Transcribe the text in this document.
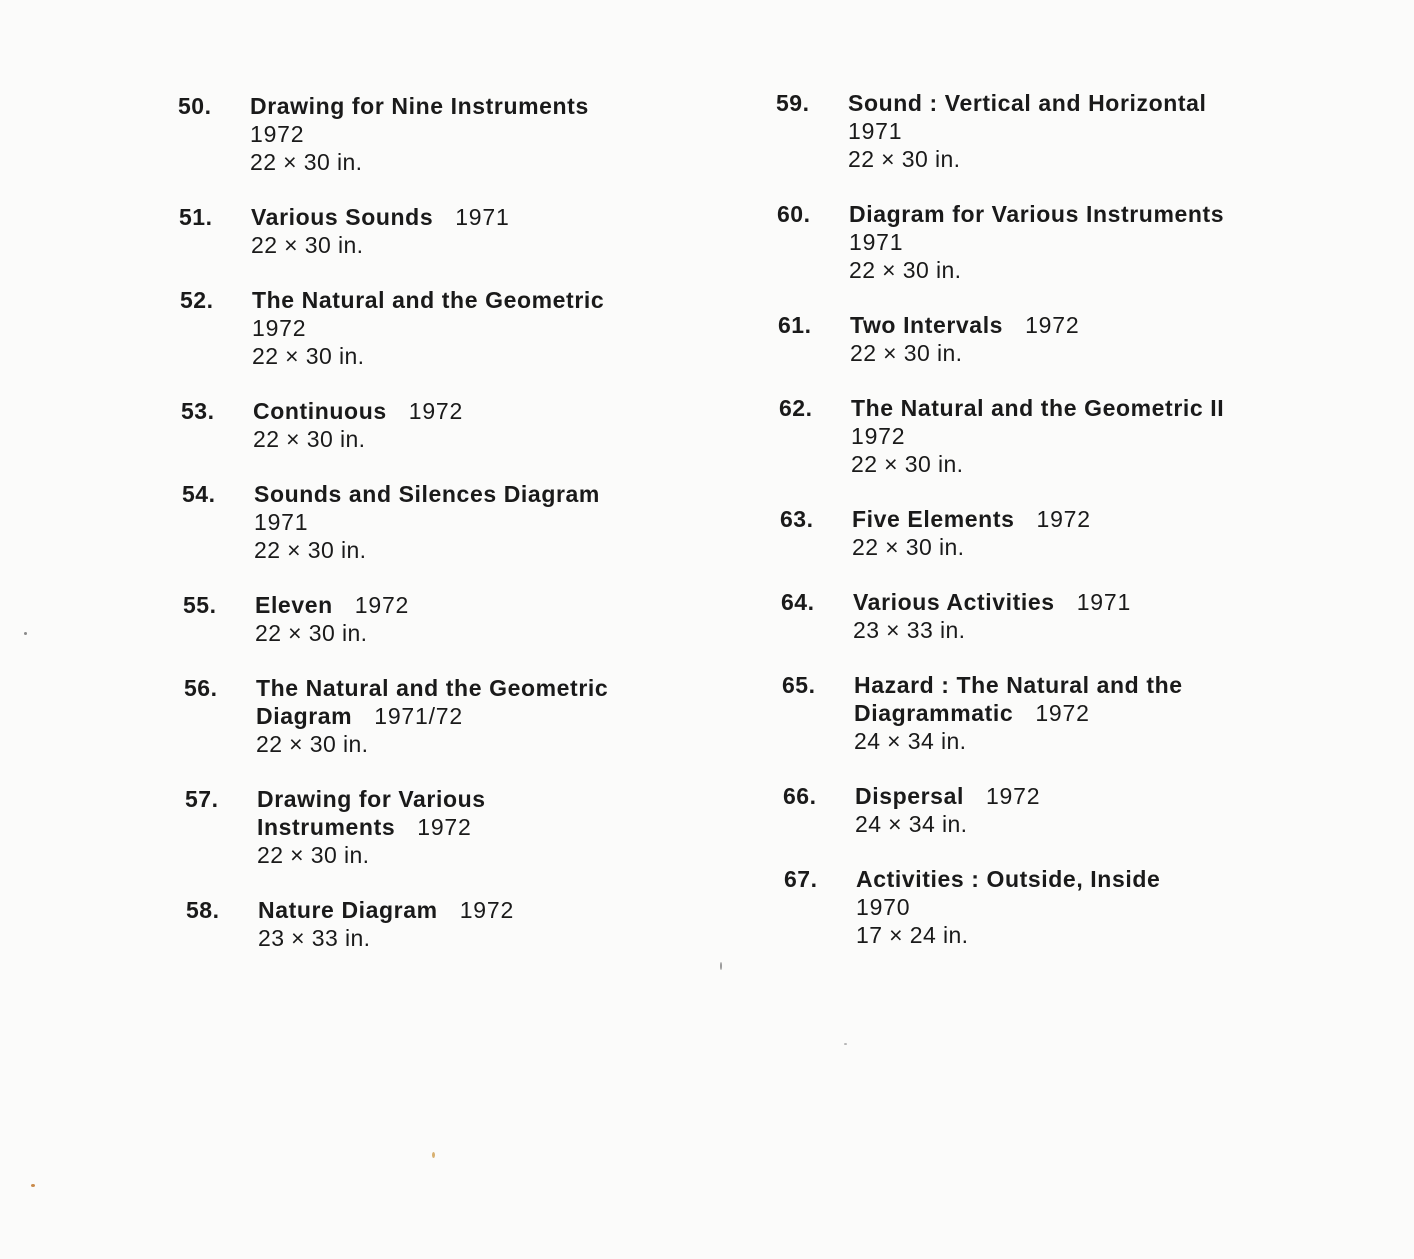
50. Drawing for Nine Instruments
1972
22 × 30 in.
51. Various Sounds 1971
22 × 30 in.
52. The Natural and the Geometric
1972
22 × 30 in.
53. Continuous 1972
22 × 30 in.
54. Sounds and Silences Diagram
1971
22 × 30 in.
55. Eleven 1972
22 × 30 in.
56. The Natural and the Geometric
Diagram 1971/72
22 × 30 in.
57. Drawing for Various
Instruments 1972
22 × 30 in.
58. Nature Diagram 1972
23 × 33 in.
59. Sound : Vertical and Horizontal
1971
22 × 30 in.
60. Diagram for Various Instruments
1971
22 × 30 in.
61. Two Intervals 1972
22 × 30 in.
62. The Natural and the Geometric II
1972
22 × 30 in.
63. Five Elements 1972
22 × 30 in.
64. Various Activities 1971
23 × 33 in.
65. Hazard : The Natural and the
Diagrammatic 1972
24 × 34 in.
66. Dispersal 1972
24 × 34 in.
67. Activities : Outside, Inside
1970
17 × 24 in.
